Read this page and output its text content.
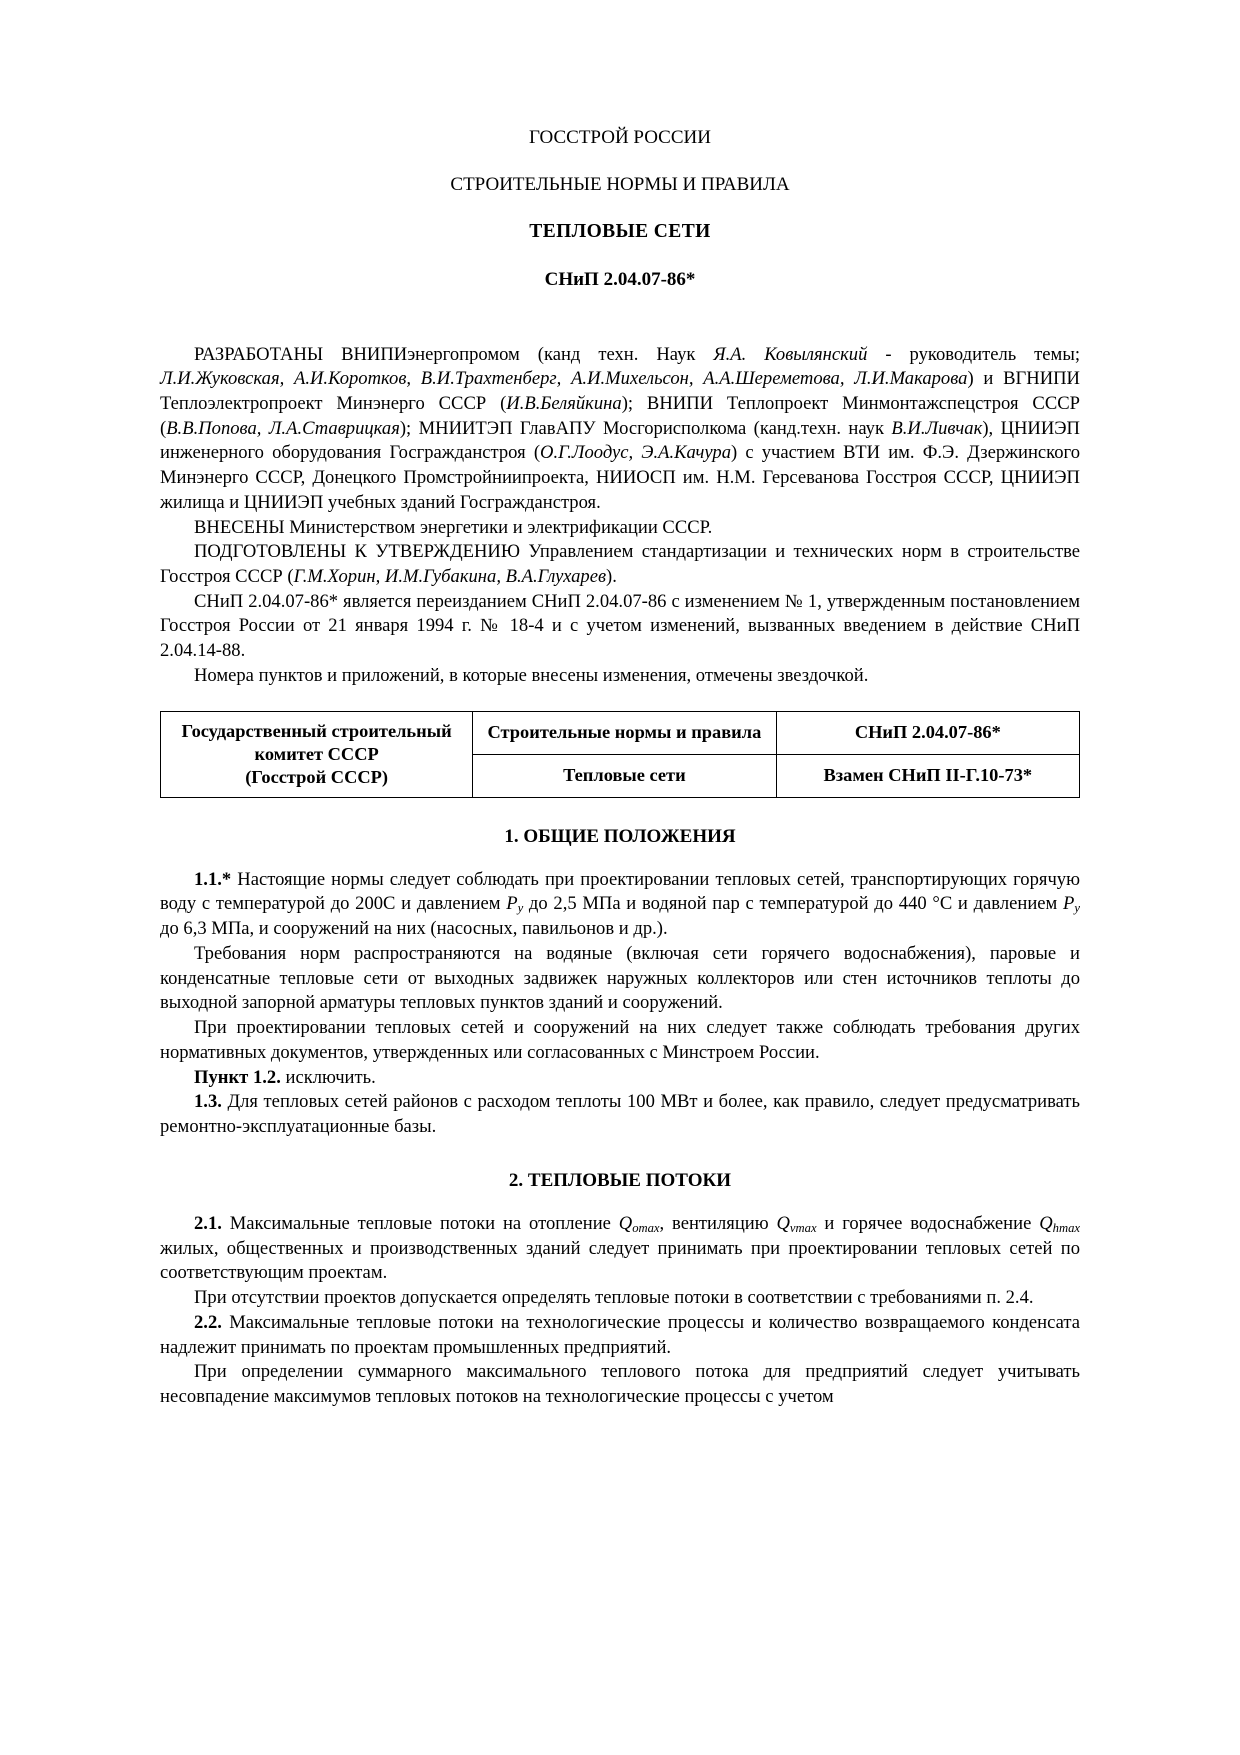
ГОССТРОЙ РОССИИ
СТРОИТЕЛЬНЫЕ НОРМЫ И ПРАВИЛА
ТЕПЛОВЫЕ СЕТИ
СНиП 2.04.07-86*

РАЗРАБОТАНЫ ВНИПИэнергопромом (канд техн. Наук Я.А. Ковылянский - руководитель темы; Л.И.Жуковская, А.И.Коротков, В.И.Трахтенберг, А.И.Михельсон, А.А.Шереметова, Л.И.Макарова) и ВГНИПИ Теплоэлектропроект Минэнерго СССР (И.В.Беляйкина); ВНИПИ Теплопроект Минмонтажспецстроя СССР (В.В.Попова, Л.А.Ставрицкая); МНИИТЭП ГлавАПУ Мосгорисполкома (канд.техн. наук В.И.Ливчак), ЦНИИЭП инженерного оборудования Госгражданстроя (О.Г.Лоодус, Э.А.Качура) с участием ВТИ им. Ф.Э. Дзержинского Минэнерго СССР, Донецкого Промстройниипроекта, НИИОСП им. Н.М. Герсеванова Госстроя СССР, ЦНИИЭП жилища и ЦНИИЭП учебных зданий Госгражданстроя.

ВНЕСЕНЫ Министерством энергетики и электрификации СССР.

ПОДГОТОВЛЕНЫ К УТВЕРЖДЕНИЮ Управлением стандартизации и технических норм в строительстве Госстроя СССР (Г.М.Хорин, И.М.Губакина, В.А.Глухарев).

СНиП 2.04.07-86* является переизданием СНиП 2.04.07-86 с изменением № 1, утвержденным постановлением Госстроя России от 21 января 1994 г. № 18-4 и с учетом изменений, вызванных введением в действие СНиП 2.04.14-88.

Номера пунктов и приложений, в которые внесены изменения, отмечены звездочкой.

Государственный строительный комитет СССР
(Госстрой СССР)	Строительные нормы и правила	СНиП 2.04.07-86*
	Тепловые сети	Взамен СНиП II-Г.10-73*
1. ОБЩИЕ ПОЛОЖЕНИЯ

1.1.* Настоящие нормы следует соблюдать при проектировании тепловых сетей, транспортирующих горячую воду с температурой до 200С и давлением $Р_у$ до 2,5 МПа и водяной пар с температурой до 440 °С и давлением $Р_у$ до 6,3 МПа, и сооружений на них (насосных, павильонов и др.).

Требования норм распространяются на водяные (включая сети горячего водоснабжения), паровые и конденсатные тепловые сети от выходных задвижек наружных коллекторов или стен источников теплоты до выходной запорной арматуры тепловых пунктов зданий и сооружений.

При проектировании тепловых сетей и сооружений на них следует также соблюдать требования других нормативных документов, утвержденных или согласованных с Минстроем России.

Пункт 1.2. исключить.

1.3. Для тепловых сетей районов с расходом теплоты 100 МВт и более, как правило, следует предусматривать ремонтно-эксплуатационные базы.

2. ТЕПЛОВЫЕ ПОТОКИ

2.1. Максимальные тепловые потоки на отопление $Q_{omax}$, вентиляцию $Q_{vmax}$ и горячее водоснабжение $Q_{hmax}$ жилых, общественных и производственных зданий следует принимать при проектировании тепловых сетей по соответствующим проектам.

При отсутствии проектов допускается определять тепловые потоки в соответствии с требованиями п. 2.4.

2.2. Максимальные тепловые потоки на технологические процессы и количество возвращаемого конденсата надлежит принимать по проектам промышленных предприятий.

При определении суммарного максимального теплового потока для предприятий следует учитывать несовпадение максимумов тепловых потоков на технологические процессы с учетом
